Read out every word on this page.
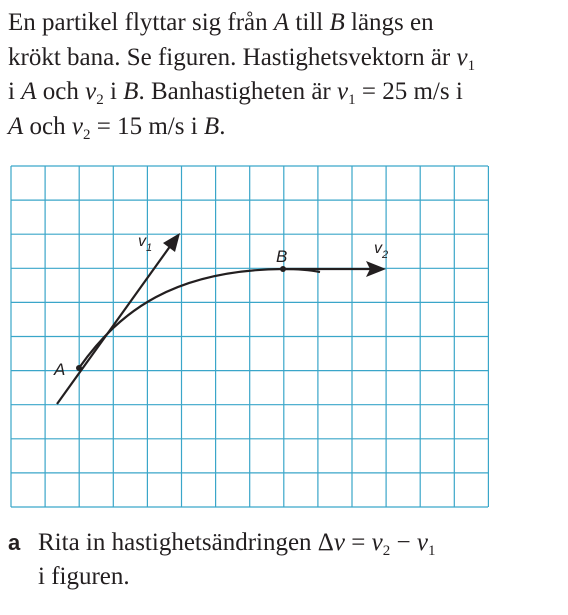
En partikel flyttar sig från A till B längs en

krökt bana. Se figuren. Hastighetsvektorn är $v_1$

i A och $v_2$ i B. Banhastigheten är $v_1 = 25$ m/s i

A och $v_2 = 15$ m/s i B.

A
B
$v_1$	$v_2$

a Rita in hastighetsändringen $\Delta v = v_2 - v_1$

i figuren.
